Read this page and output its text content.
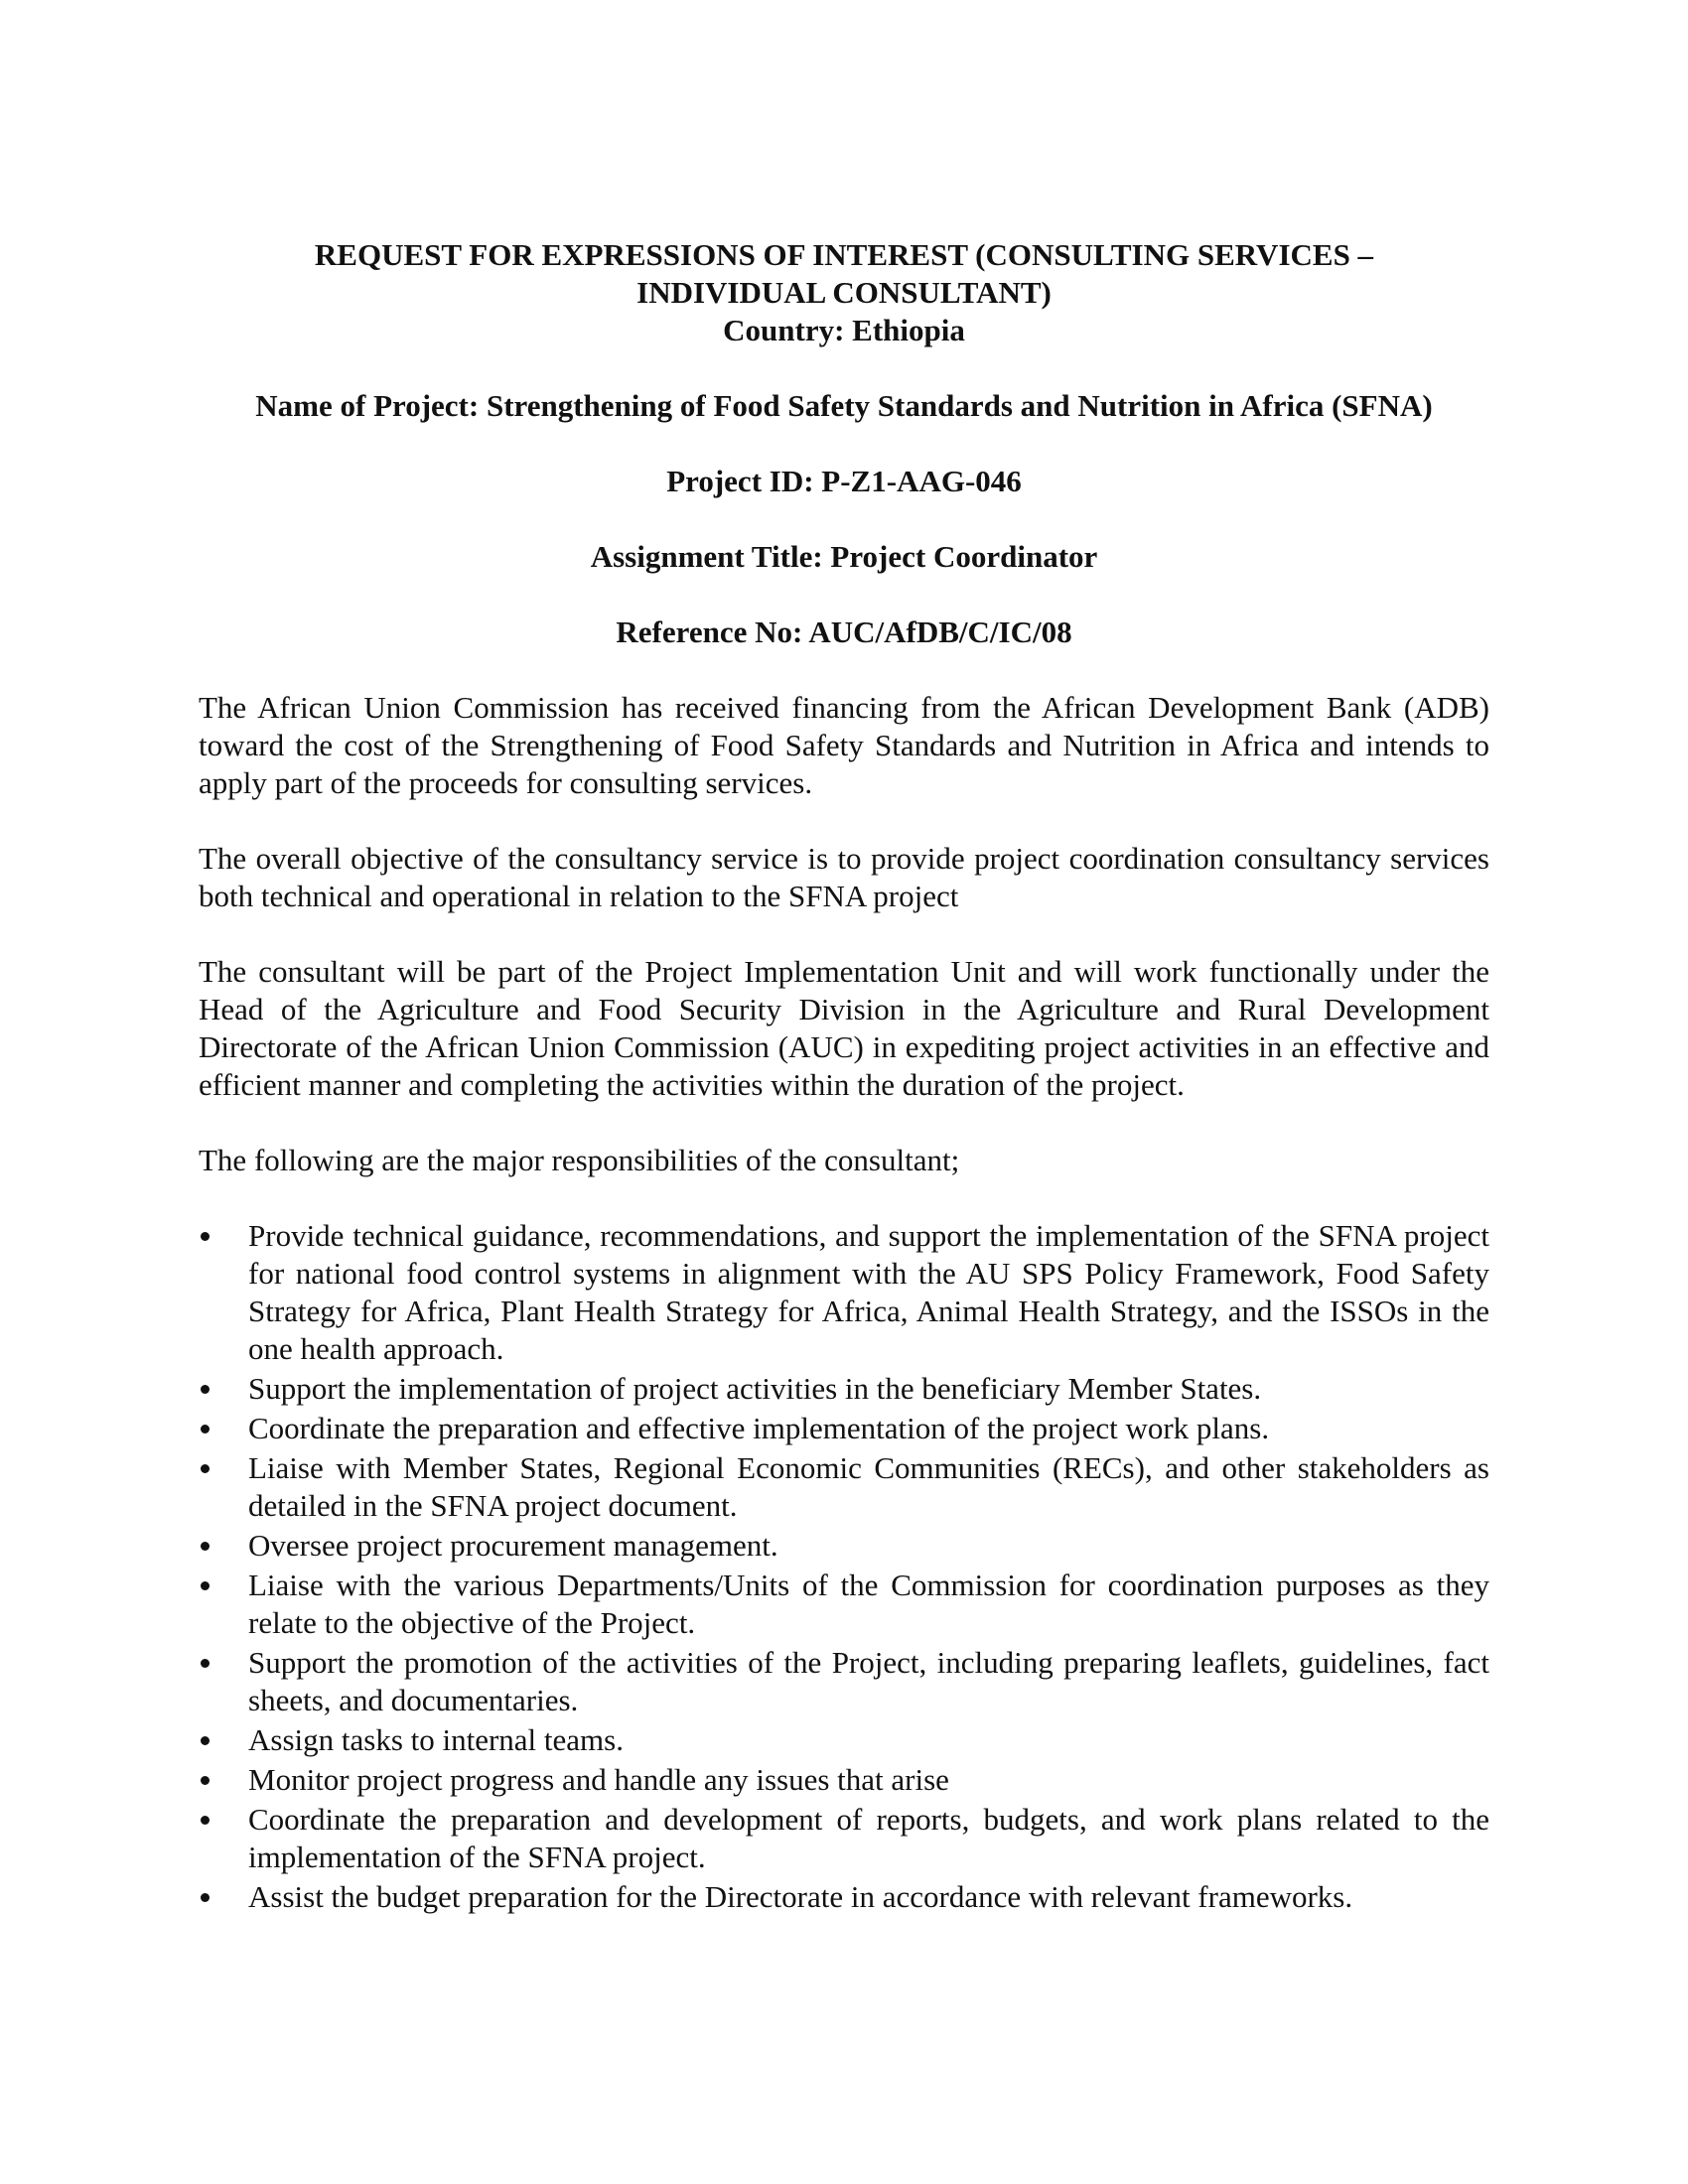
REQUEST FOR EXPRESSIONS OF INTEREST (CONSULTING SERVICES –

INDIVIDUAL CONSULTANT)

Country: Ethiopia

Name of Project: Strengthening of Food Safety Standards and Nutrition in Africa (SFNA)

Project ID: P-Z1-AAG-046

Assignment Title: Project Coordinator

Reference No: AUC/AfDB/C/IC/08

The African Union Commission has received financing from the African Development Bank (ADB) toward the cost of the Strengthening of Food Safety Standards and Nutrition in Africa and intends to apply part of the proceeds for consulting services.

The overall objective of the consultancy service is to provide project coordination consultancy services both technical and operational in relation to the SFNA project

The consultant will be part of the Project Implementation Unit and will work functionally under the Head of the Agriculture and Food Security Division in the Agriculture and Rural Development Directorate of the African Union Commission (AUC) in expediting project activities in an effective and efficient manner and completing the activities within the duration of the project.

The following are the major responsibilities of the consultant;

Provide technical guidance, recommendations, and support the implementation of the SFNA project for national food control systems in alignment with the AU SPS Policy Framework, Food Safety Strategy for Africa, Plant Health Strategy for Africa, Animal Health Strategy, and the ISSOs in the one health approach.
Support the implementation of project activities in the beneficiary Member States.
Coordinate the preparation and effective implementation of the project work plans.
Liaise with Member States, Regional Economic Communities (RECs), and other stakeholders as detailed in the SFNA project document.
Oversee project procurement management.
Liaise with the various Departments/Units of the Commission for coordination purposes as they relate to the objective of the Project.
Support the promotion of the activities of the Project, including preparing leaflets, guidelines, fact sheets, and documentaries.
Assign tasks to internal teams.
Monitor project progress and handle any issues that arise
Coordinate the preparation and development of reports, budgets, and work plans related to the implementation of the SFNA project.
Assist the budget preparation for the Directorate in accordance with relevant frameworks.
